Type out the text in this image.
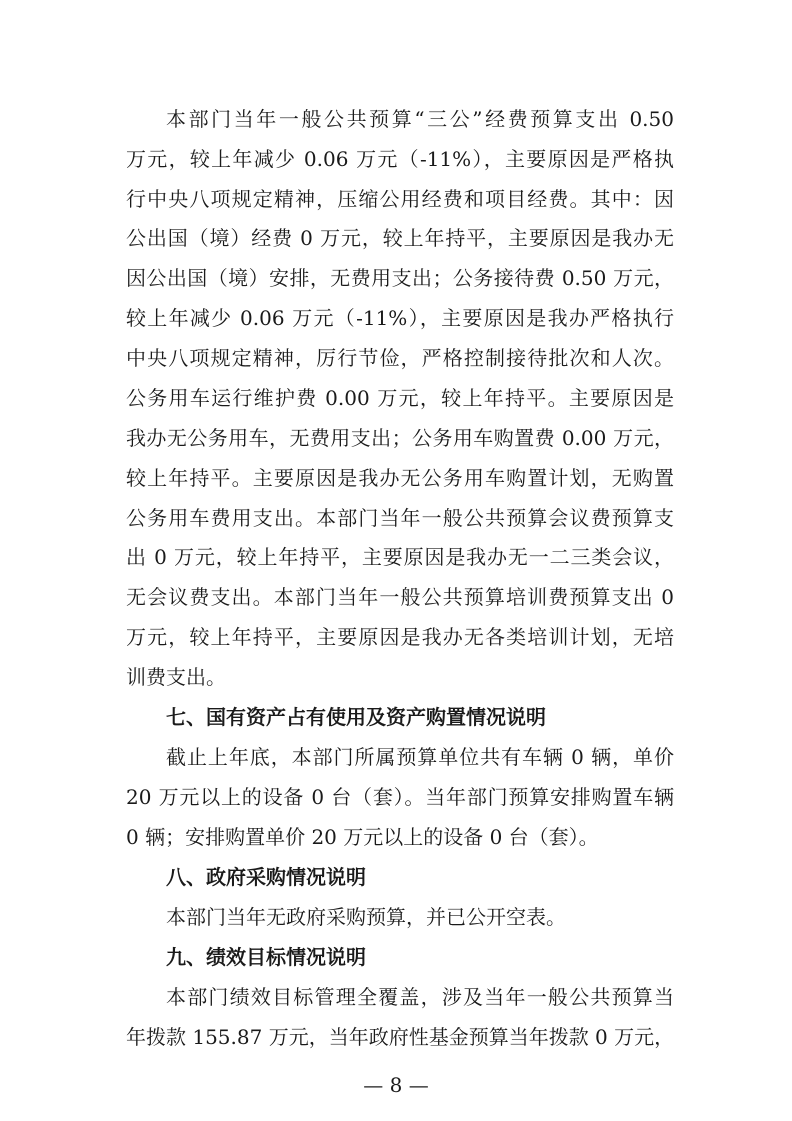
本部门当年一般公共预算“三公”经费预算支出 0.50
万元，较上年减少 0.06 万元（-11%），主要原因是严格执
行中央八项规定精神，压缩公用经费和项目经费。其中：因
公出国（境）经费 0 万元，较上年持平，主要原因是我办无
因公出国（境）安排，无费用支出；公务接待费 0.50 万元，
较上年减少 0.06 万元（-11%），主要原因是我办严格执行
中央八项规定精神，厉行节俭，严格控制接待批次和人次。
公务用车运行维护费 0.00 万元，较上年持平。主要原因是
我办无公务用车，无费用支出；公务用车购置费 0.00 万元，
较上年持平。主要原因是我办无公务用车购置计划，无购置
公务用车费用支出。本部门当年一般公共预算会议费预算支
出 0 万元，较上年持平，主要原因是我办无一二三类会议，
无会议费支出。本部门当年一般公共预算培训费预算支出 0
万元，较上年持平，主要原因是我办无各类培训计划，无培
训费支出。
七、国有资产占有使用及资产购置情况说明
截止上年底，本部门所属预算单位共有车辆 0 辆，单价
20 万元以上的设备 0 台（套）。当年部门预算安排购置车辆
0 辆；安排购置单价 20 万元以上的设备 0 台（套）。
八、政府采购情况说明
本部门当年无政府采购预算，并已公开空表。
九、绩效目标情况说明
本部门绩效目标管理全覆盖，涉及当年一般公共预算当
年拨款 155.87 万元，当年政府性基金预算当年拨款 0 万元，
— 8 —
